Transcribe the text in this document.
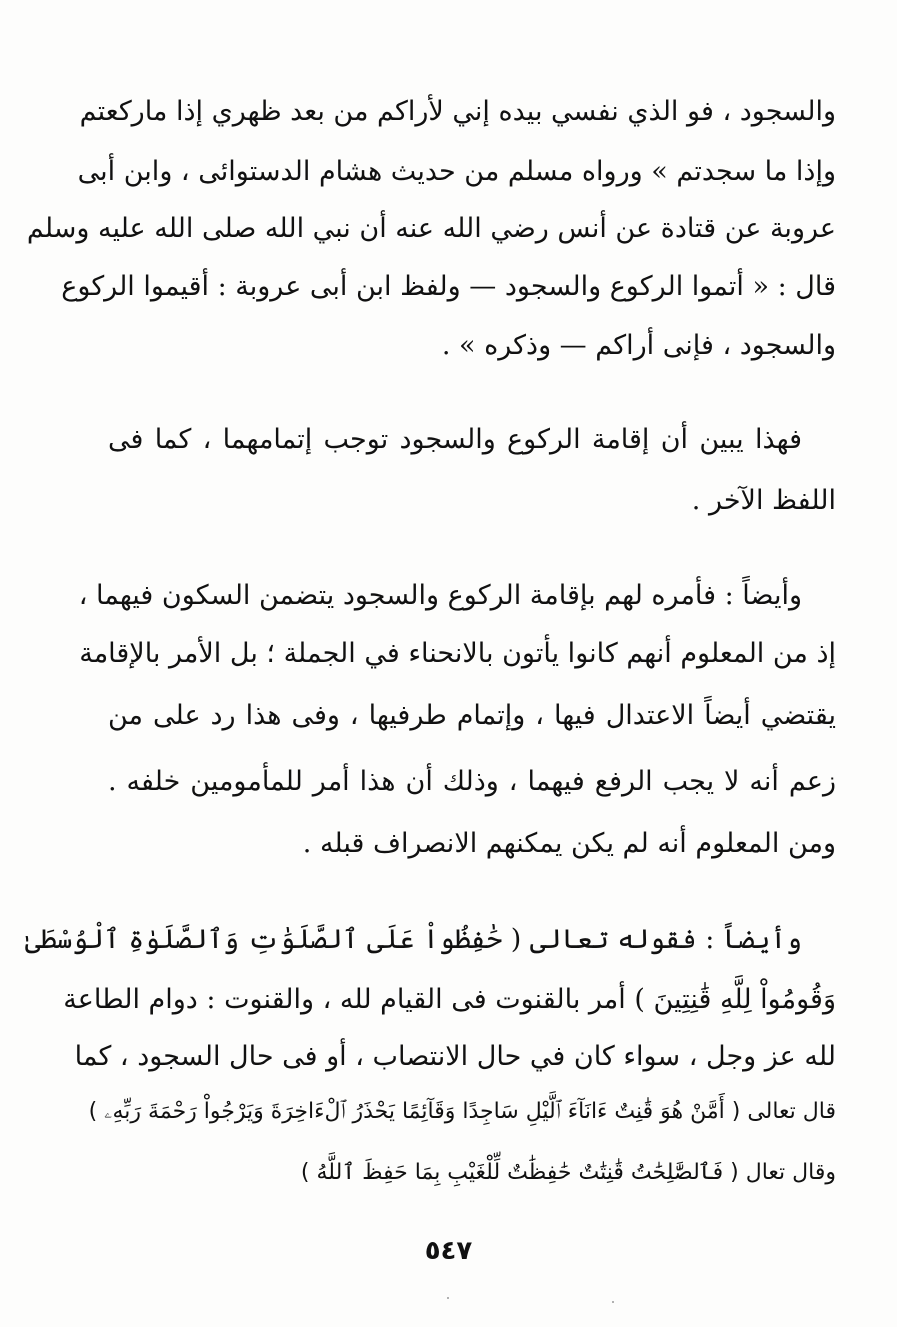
والسجود ، فو الذي نفسي بيده إني لأراكم من بعد ظهري إذا ماركعتم
وإذا ما سجدتم » ورواه مسلم من حديث هشام الدستوائى ، وابن أبى
عروبة عن قتادة عن أنس رضي الله عنه أن نبي الله صلى الله عليه وسلم
قال : « أتموا الركوع والسجود — ولفظ ابن أبى عروبة : أقيموا الركوع
والسجود ، فإنى أراكم — وذكره » .
فهذا يبين أن إقامة الركوع والسجود توجب إتمامهما ، كما فى
اللفظ الآخر .
وأيضاً : فأمره لهم بإقامة الركوع والسجود يتضمن السكون فيهما ،
إذ من المعلوم أنهم كانوا يأتون بالانحناء في الجملة ؛ بل الأمر بالإقامة
يقتضي أيضاً الاعتدال فيها ، وإتمام طرفيها ، وفى هذا رد على من
زعم أنه لا يجب الرفع فيهما ، وذلك أن هذا أمر للمأمومين خلفه .
ومن المعلوم أنه لم يكن يمكنهم الانصراف قبله .
وأيضاً : فقوله تعالى ( حَٰفِظُواْ عَلَى ٱلصَّلَوَٰتِ وَٱلصَّلَوٰةِ ٱلْوُسْطَىٰ
وَقُومُواْ لِلَّهِ قَٰنِتِينَ ) أمر بالقنوت فى القيام لله ، والقنوت : دوام الطاعة
لله عز وجل ، سواء كان في حال الانتصاب ، أو فى حال السجود ، كما
قال تعالى ( أَمَّنْ هُوَ قَٰنِتٌ ءَانَآءَ ٱلَّيْلِ سَاجِدًا وَقَآئِمًا يَحْذَرُ ٱلْءَاخِرَةَ وَيَرْجُواْ رَحْمَةَ رَبِّهِۦ )
وقال تعال ( فَٱلصَّٰلِحَٰتُ قَٰنِتَٰتٌ حَٰفِظَٰتٌ لِّلْغَيْبِ بِمَا حَفِظَ ٱللَّهُ )
٥٤٧
